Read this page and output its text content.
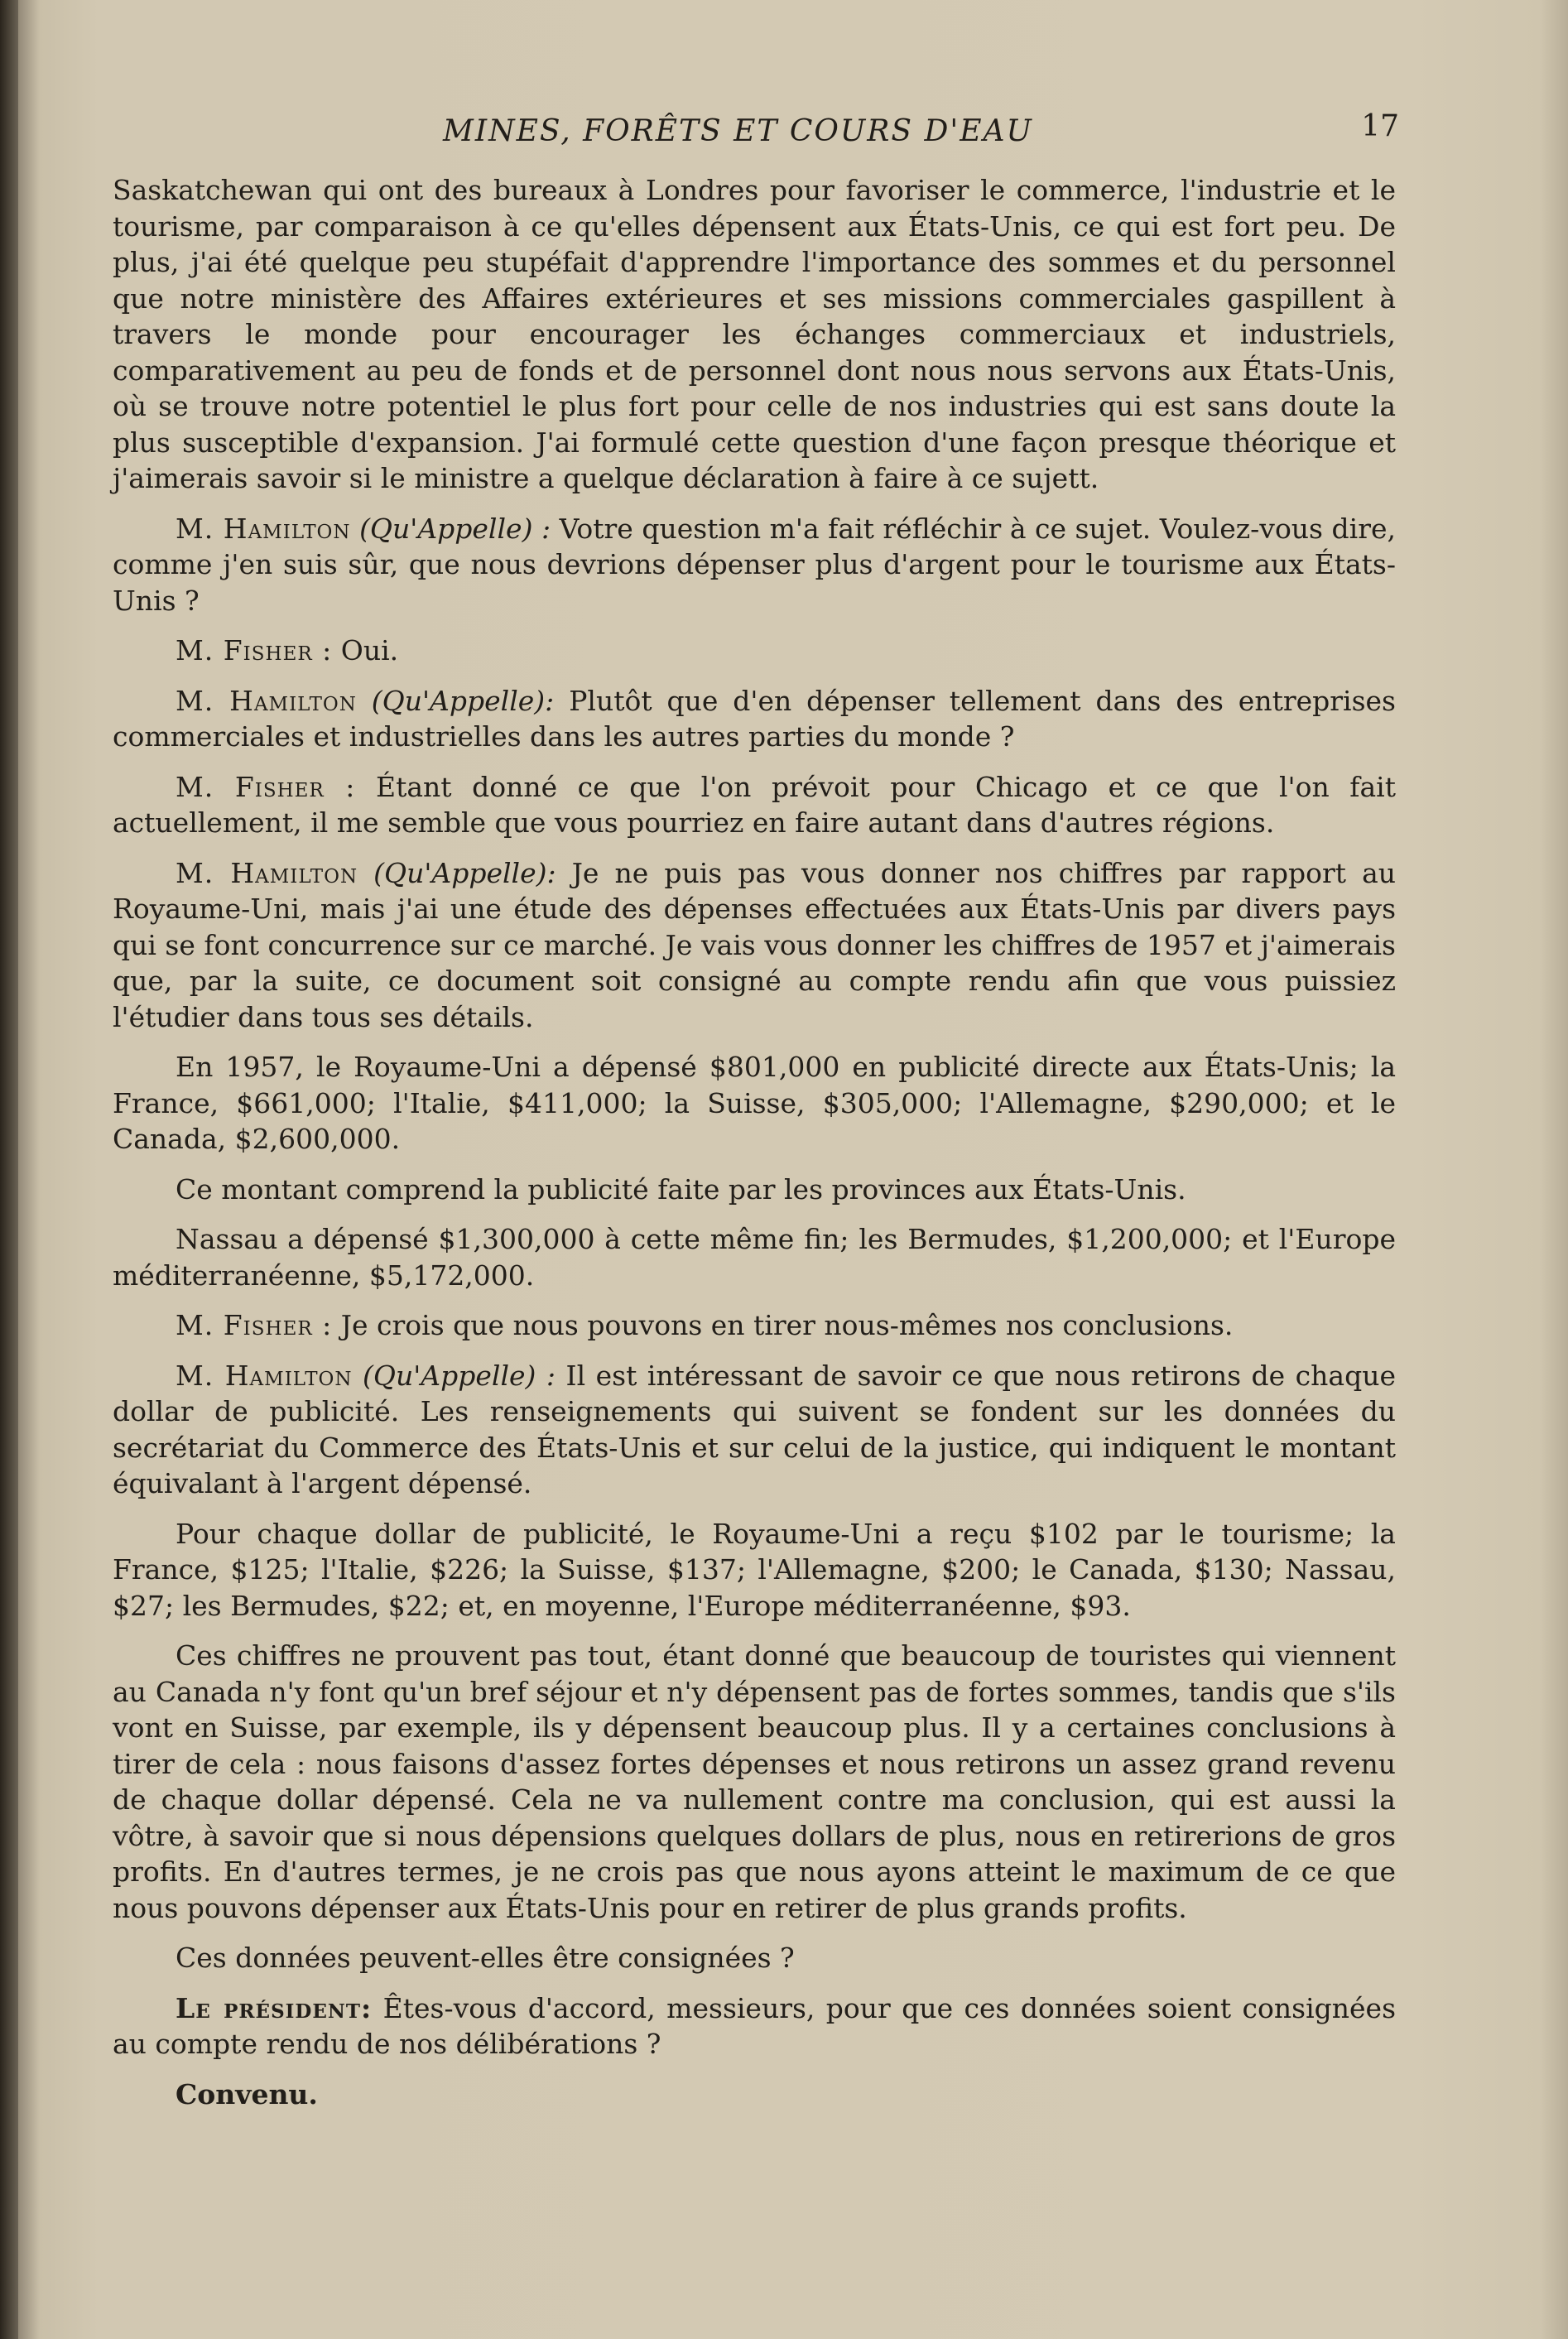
MINES, FORÊTS ET COURS D'EAU	17

Saskatchewan qui ont des bureaux à Londres pour favoriser le commerce, l'industrie et le tourisme, par comparaison à ce qu'elles dépensent aux États-Unis, ce qui est fort peu. De plus, j'ai été quelque peu stupéfait d'apprendre l'importance des sommes et du personnel que notre ministère des Affaires extérieures et ses missions commerciales gaspillent à travers le monde pour encourager les échanges commerciaux et industriels, comparativement au peu de fonds et de personnel dont nous nous servons aux États-Unis, où se trouve notre potentiel le plus fort pour celle de nos industries qui est sans doute la plus susceptible d'expansion. J'ai formulé cette question d'une façon presque théorique et j'aimerais savoir si le ministre a quelque déclaration à faire à ce sujett.

M. Hamilton (Qu'Appelle) : Votre question m'a fait réfléchir à ce sujet. Voulez-vous dire, comme j'en suis sûr, que nous devrions dépenser plus d'argent pour le tourisme aux États-Unis ?

M. Fisher : Oui.

M. Hamilton (Qu'Appelle): Plutôt que d'en dépenser tellement dans des entreprises commerciales et industrielles dans les autres parties du monde ?

M. Fisher : Étant donné ce que l'on prévoit pour Chicago et ce que l'on fait actuellement, il me semble que vous pourriez en faire autant dans d'autres régions.

M. Hamilton (Qu'Appelle): Je ne puis pas vous donner nos chiffres par rapport au Royaume-Uni, mais j'ai une étude des dépenses effectuées aux États-Unis par divers pays qui se font concurrence sur ce marché. Je vais vous donner les chiffres de 1957 et j'aimerais que, par la suite, ce document soit consigné au compte rendu afin que vous puissiez l'étudier dans tous ses détails.

En 1957, le Royaume-Uni a dépensé $801,000 en publicité directe aux États-Unis; la France, $661,000; l'Italie, $411,000; la Suisse, $305,000; l'Allemagne, $290,000; et le Canada, $2,600,000.

Ce montant comprend la publicité faite par les provinces aux États-Unis.

Nassau a dépensé $1,300,000 à cette même fin; les Bermudes, $1,200,000; et l'Europe méditerranéenne, $5,172,000.

M. Fisher : Je crois que nous pouvons en tirer nous-mêmes nos conclusions.

M. Hamilton (Qu'Appelle) : Il est intéressant de savoir ce que nous retirons de chaque dollar de publicité. Les renseignements qui suivent se fondent sur les données du secrétariat du Commerce des États-Unis et sur celui de la justice, qui indiquent le montant équivalant à l'argent dépensé.

Pour chaque dollar de publicité, le Royaume-Uni a reçu $102 par le tourisme; la France, $125; l'Italie, $226; la Suisse, $137; l'Allemagne, $200; le Canada, $130; Nassau, $27; les Bermudes, $22; et, en moyenne, l'Europe méditerranéenne, $93.

Ces chiffres ne prouvent pas tout, étant donné que beaucoup de touristes qui viennent au Canada n'y font qu'un bref séjour et n'y dépensent pas de fortes sommes, tandis que s'ils vont en Suisse, par exemple, ils y dépensent beaucoup plus. Il y a certaines conclusions à tirer de cela : nous faisons d'assez fortes dépenses et nous retirons un assez grand revenu de chaque dollar dépensé. Cela ne va nullement contre ma conclusion, qui est aussi la vôtre, à savoir que si nous dépensions quelques dollars de plus, nous en retirerions de gros profits. En d'autres termes, je ne crois pas que nous ayons atteint le maximum de ce que nous pouvons dépenser aux États-Unis pour en retirer de plus grands profits.

Ces données peuvent-elles être consignées ?

Le président: Êtes-vous d'accord, messieurs, pour que ces données soient consignées au compte rendu de nos délibérations ?

Convenu.
